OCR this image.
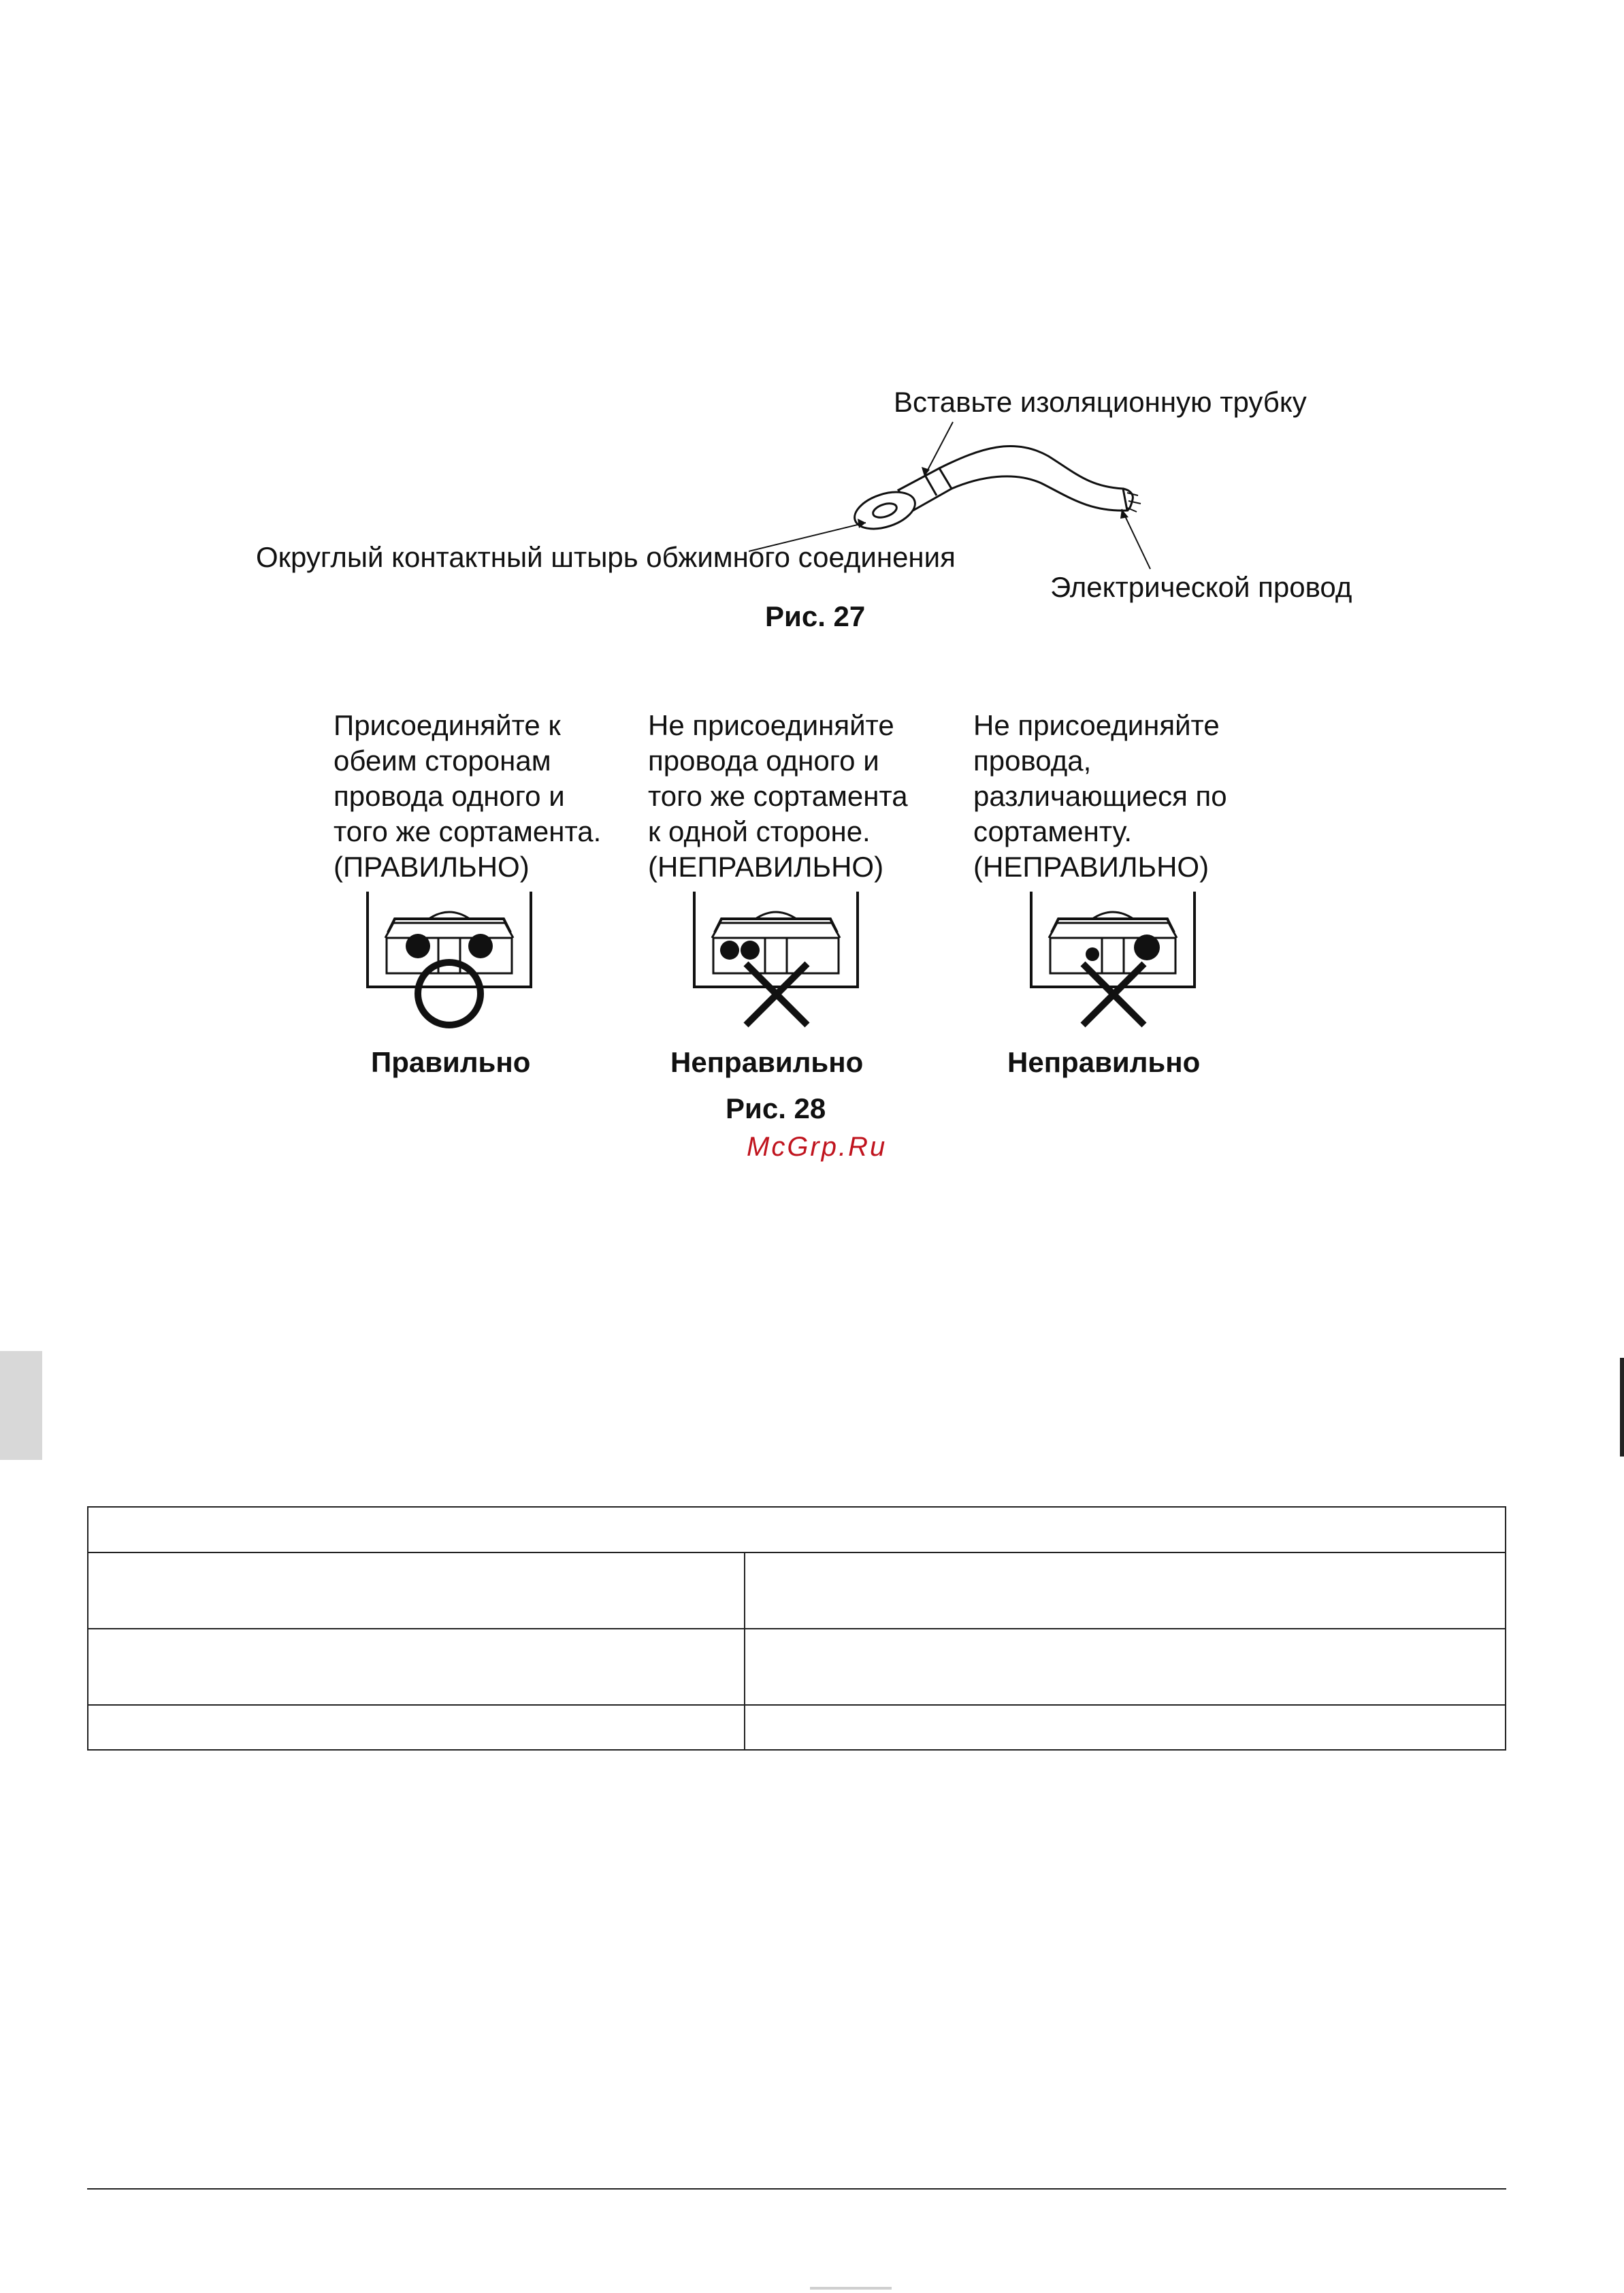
Вставьте изоляционную трубку
Округлый контактный штырь обжимного соединения
Электрической провод
Рис. 27
Присоединяйте к
обеим сторонам
провода одного и
того же сортамента.
(ПРАВИЛЬНО)
Правильно
Не присоединяйте
провода одного и
того же сортамента
к одной стороне.
(НЕПРАВИЛЬНО)
Неправильно
Не присоединяйте
провода,
различающиеся по
сортаменту.
(НЕПРАВИЛЬНО)
Неправильно
Рис. 28
McGrp.Ru
